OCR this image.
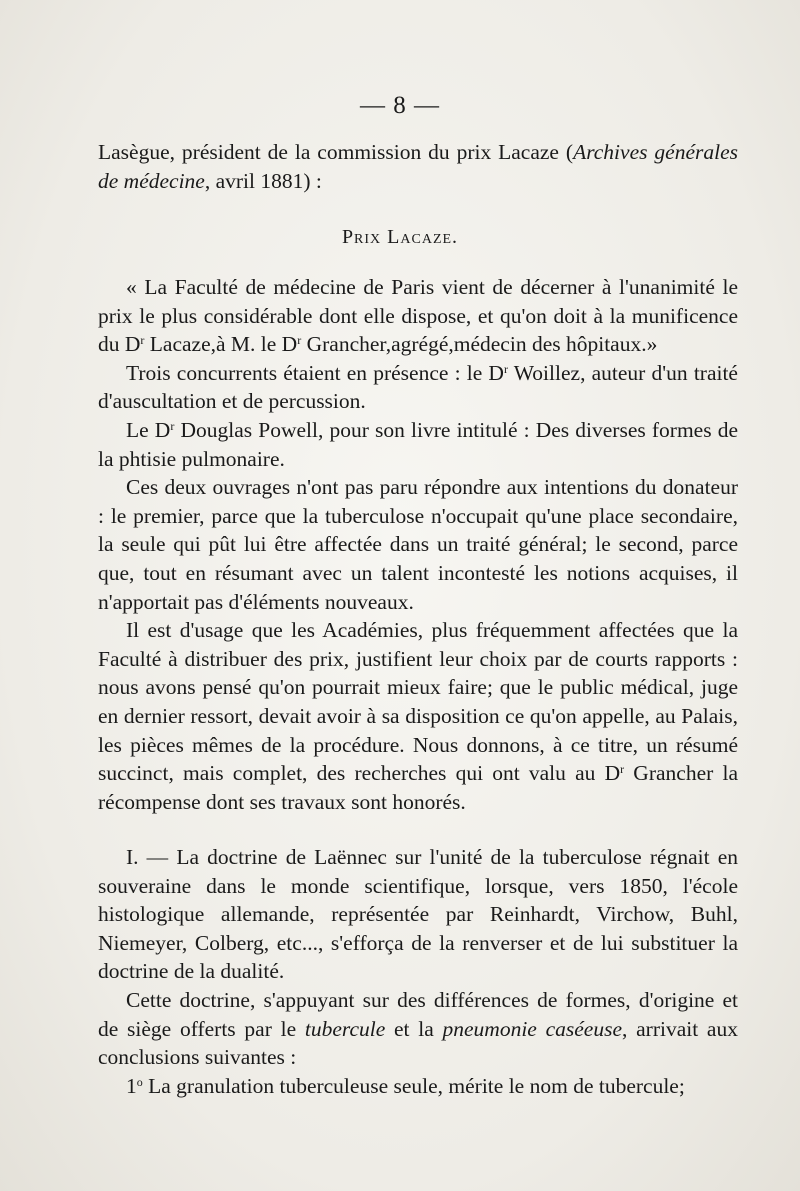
— 8 —

Lasègue, président de la commission du prix Lacaze (Archives générales de médecine, avril 1881) :

Prix Lacaze.

« La Faculté de médecine de Paris vient de décerner à l'unanimité le prix le plus considérable dont elle dispose, et qu'on doit à la munificence du $D^r$ Lacaze,à M. le $D^r$ Grancher,agrégé,médecin des hôpitaux.»

Trois concurrents étaient en présence : le $D^r$ Woillez, auteur d'un traité d'auscultation et de percussion.

Le $D^r$ Douglas Powell, pour son livre intitulé : Des diverses formes de la phtisie pulmonaire.

Ces deux ouvrages n'ont pas paru répondre aux intentions du donateur : le premier, parce que la tuberculose n'occupait qu'une place secondaire, la seule qui pût lui être affectée dans un traité général; le second, parce que, tout en résumant avec un talent incontesté les notions acquises, il n'apportait pas d'éléments nouveaux.

Il est d'usage que les Académies, plus fréquemment affectées que la Faculté à distribuer des prix, justifient leur choix par de courts rapports : nous avons pensé qu'on pourrait mieux faire; que le public médical, juge en dernier ressort, devait avoir à sa disposition ce qu'on appelle, au Palais, les pièces mêmes de la procédure. Nous donnons, à ce titre, un résumé succinct, mais complet, des recherches qui ont valu au $D^r$ Grancher la récompense dont ses travaux sont honorés.

I. — La doctrine de Laënnec sur l'unité de la tuberculose régnait en souveraine dans le monde scientifique, lorsque, vers 1850, l'école histologique allemande, représentée par Reinhardt, Virchow, Buhl, Niemeyer, Colberg, etc..., s'efforça de la renverser et de lui substituer la doctrine de la dualité.

Cette doctrine, s'appuyant sur des différences de formes, d'origine et de siège offerts par le tubercule et la pneumonie caséeuse, arrivait aux conclusions suivantes :

1$^o$ La granulation tuberculeuse seule, mérite le nom de tubercule;
